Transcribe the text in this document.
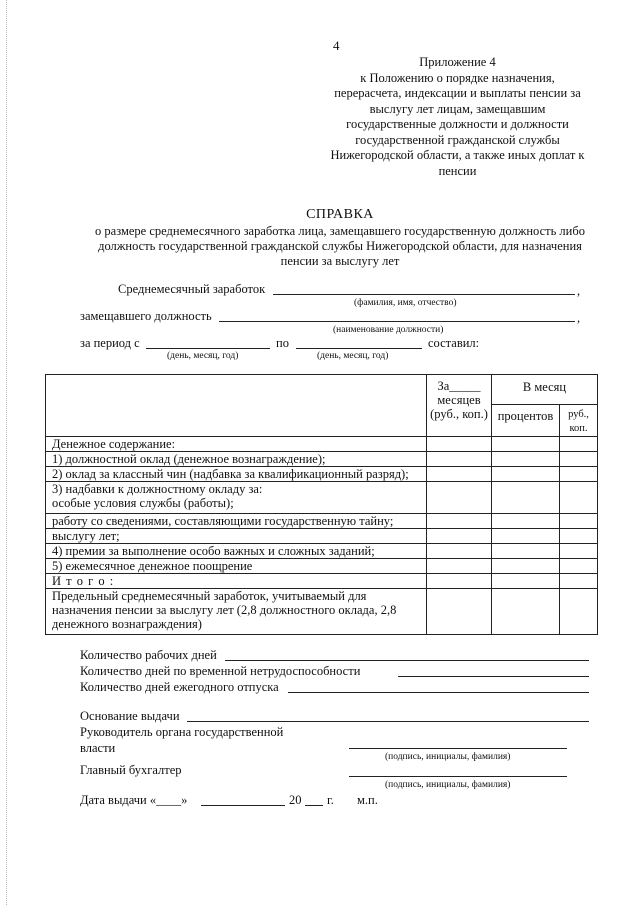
4
Приложение 4
к Положению о порядке назначения,
перерасчета, индексации и выплаты пенсии за
выслугу лет лицам, замещавшим
государственные должности и должности
государственной гражданской службы
Нижегородской области, а также иных доплат к
пенсии
СПРАВКА
о размере среднемесячного заработка лица, замещавшего государственную должность либо
должность государственной гражданской службы Нижегородской области, для назначения
пенсии за выслугу лет
Среднемесячный заработок	,
(фамилия, имя, отчество)
замещавшего должность	,
(наименование должности)
за период с	по	составил:
(день, месяц, год)	(день, месяц, год)

	За_____
месяцев
(руб., коп.)	В месяц	
		процентов	руб.,
коп.

Денежное содержание:			
1) должностной оклад (денежное вознаграждение);			
2) оклад за классный чин (надбавка за квалификационный разряд);			

3) надбавки к должностному окладу за:
особые условия службы (работы);			

работу со сведениями, составляющими государственную тайну;			
выслугу лет;			
4) премии за выполнение особо важных и сложных заданий;			
5) ежемесячное денежное поощрение			
И т о г о :			

Предельный среднемесячный заработок, учитываемый для
назначения пенсии за выслугу лет (2,8 должностного оклада, 2,8
денежного вознаграждения)			

Количество рабочих дней
Количество дней по временной нетрудоспособности
Количество дней ежегодного отпуска
Основание выдачи
Руководитель органа государственной
власти
(подпись, инициалы, фамилия)
Главный бухгалтер
(подпись, инициалы, фамилия)
Дата выдачи «____»	20 г. м.п.
